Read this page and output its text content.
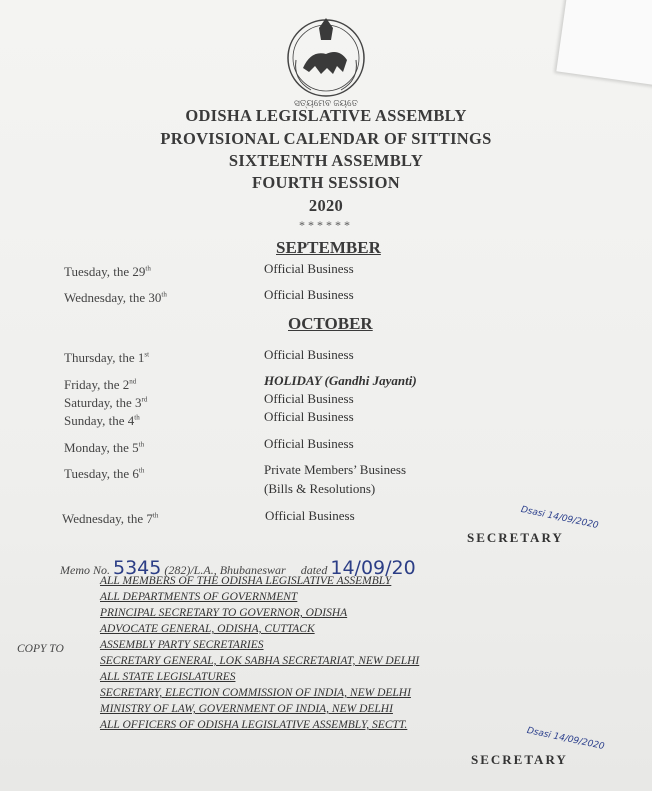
ସତ୍ୟମେବ ଜୟତେ
ODISHA LEGISLATIVE ASSEMBLY
PROVISIONAL CALENDAR OF SITTINGS
SIXTEENTH ASSEMBLY
FOURTH SESSION
2020
******
SEPTEMBER
Tuesday, the 29th	Official Business
Wednesday, the 30th	Official Business
OCTOBER
Thursday, the 1st	Official Business
Friday, the 2nd	HOLIDAY (Gandhi Jayanti)
Saturday, the 3rd	Official Business
Sunday, the 4th	Official Business
Monday, the 5th	Official Business
Tuesday, the 6th	Private Members’ Business
(Bills & Resolutions)
Wednesday, the 7th	Official Business
SECRETARY
Dsasi 14/09/2020
Memo No. 5345 (282)/L.A., Bhubaneswar dated 14/09/20
COPY TO
ALL MEMBERS OF THE ODISHA LEGISLATIVE ASSEMBLY
ALL DEPARTMENTS OF GOVERNMENT
PRINCIPAL SECRETARY TO GOVERNOR, ODISHA
ADVOCATE GENERAL, ODISHA, CUTTACK
ASSEMBLY PARTY SECRETARIES
SECRETARY GENERAL, LOK SABHA SECRETARIAT, NEW DELHI
ALL STATE LEGISLATURES
SECRETARY, ELECTION COMMISSION OF INDIA, NEW DELHI
MINISTRY OF LAW, GOVERNMENT OF INDIA, NEW DELHI
ALL OFFICERS OF ODISHA LEGISLATIVE ASSEMBLY, SECTT.
SECRETARY
Dsasi 14/09/2020
